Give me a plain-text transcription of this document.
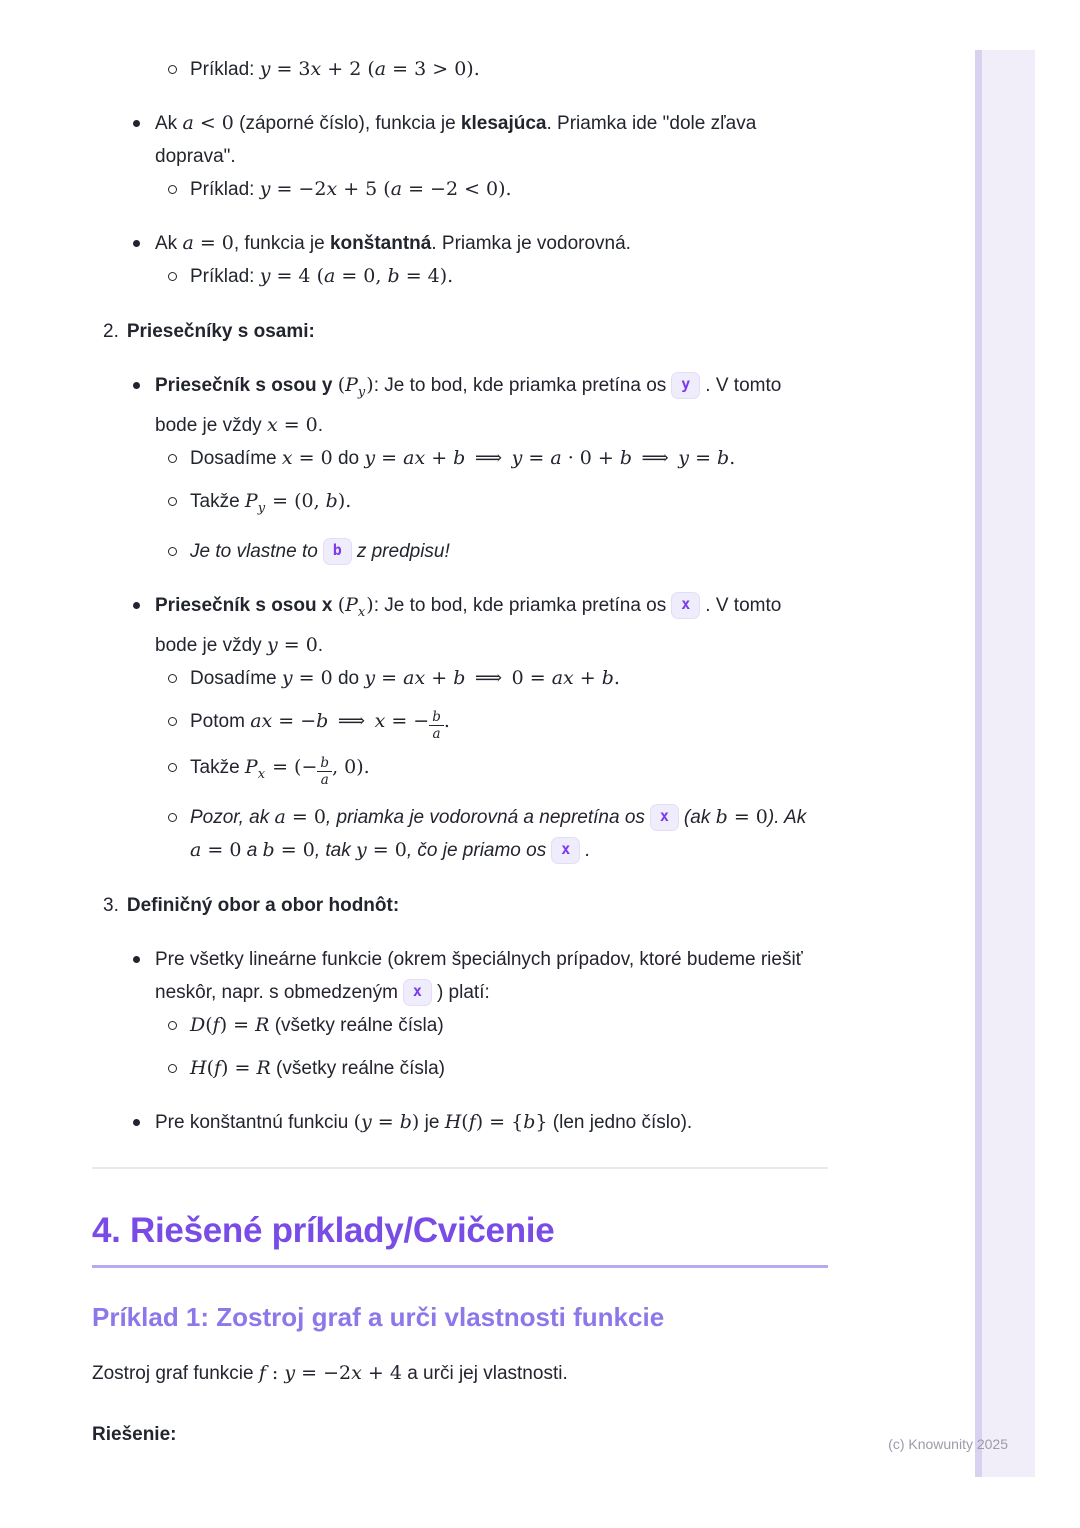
Príklad: y = 3x + 2 (a = 3 > 0).
Ak a < 0 (záporné číslo), funkcia je klesajúca. Priamka ide "dole zľava doprava".
Príklad: y = −2x + 5 (a = −2 < 0).
Ak a = 0, funkcia je konštantná. Priamka je vodorovná.
Príklad: y = 4 (a = 0, b = 4).
2. Priesečníky s osami:
Priesečník s osou y $(P_y)$: Je to bod, kde priamka pretína os y . V tomto bode je vždy x = 0.
Dosadíme x = 0 do y = ax + b ⟹ y = a · 0 + b ⟹ y = b.
Takže $P_y = (0$, b).
Je to vlastne to b z predpisu!
Priesečník s osou x $(P_x)$: Je to bod, kde priamka pretína os x . V tomto bode je vždy y = 0.
Dosadíme y = 0 do y = ax + b ⟹ 0 = ax + b.
Potom ax = −b ⟹ x = − $\frac{b}{a}$ .
Takže $P_x$ = (− $\frac{b}{a}$ , 0).
Pozor, ak a = 0, priamka je vodorovná a nepretína os x (ak b = 0). Ak a = 0 a b = 0, tak y = 0, čo je priamo os x .
3. Definičný obor a obor hodnôt:
Pre všetky lineárne funkcie (okrem špeciálnych prípadov, ktoré budeme riešiť neskôr, napr. s obmedzeným x ) platí:
D(f) = R (všetky reálne čísla)
H(f) = R (všetky reálne čísla)
Pre konštantnú funkciu (y = b) je H(f) = {b} (len jedno číslo).
4. Riešené príklady/Cvičenie
Príklad 1: Zostroj graf a urči vlastnosti funkcie

Zostroj graf funkcie f : y = −2x + 4 a urči jej vlastnosti.

Riešenie:	(c) Knowunity 2025
